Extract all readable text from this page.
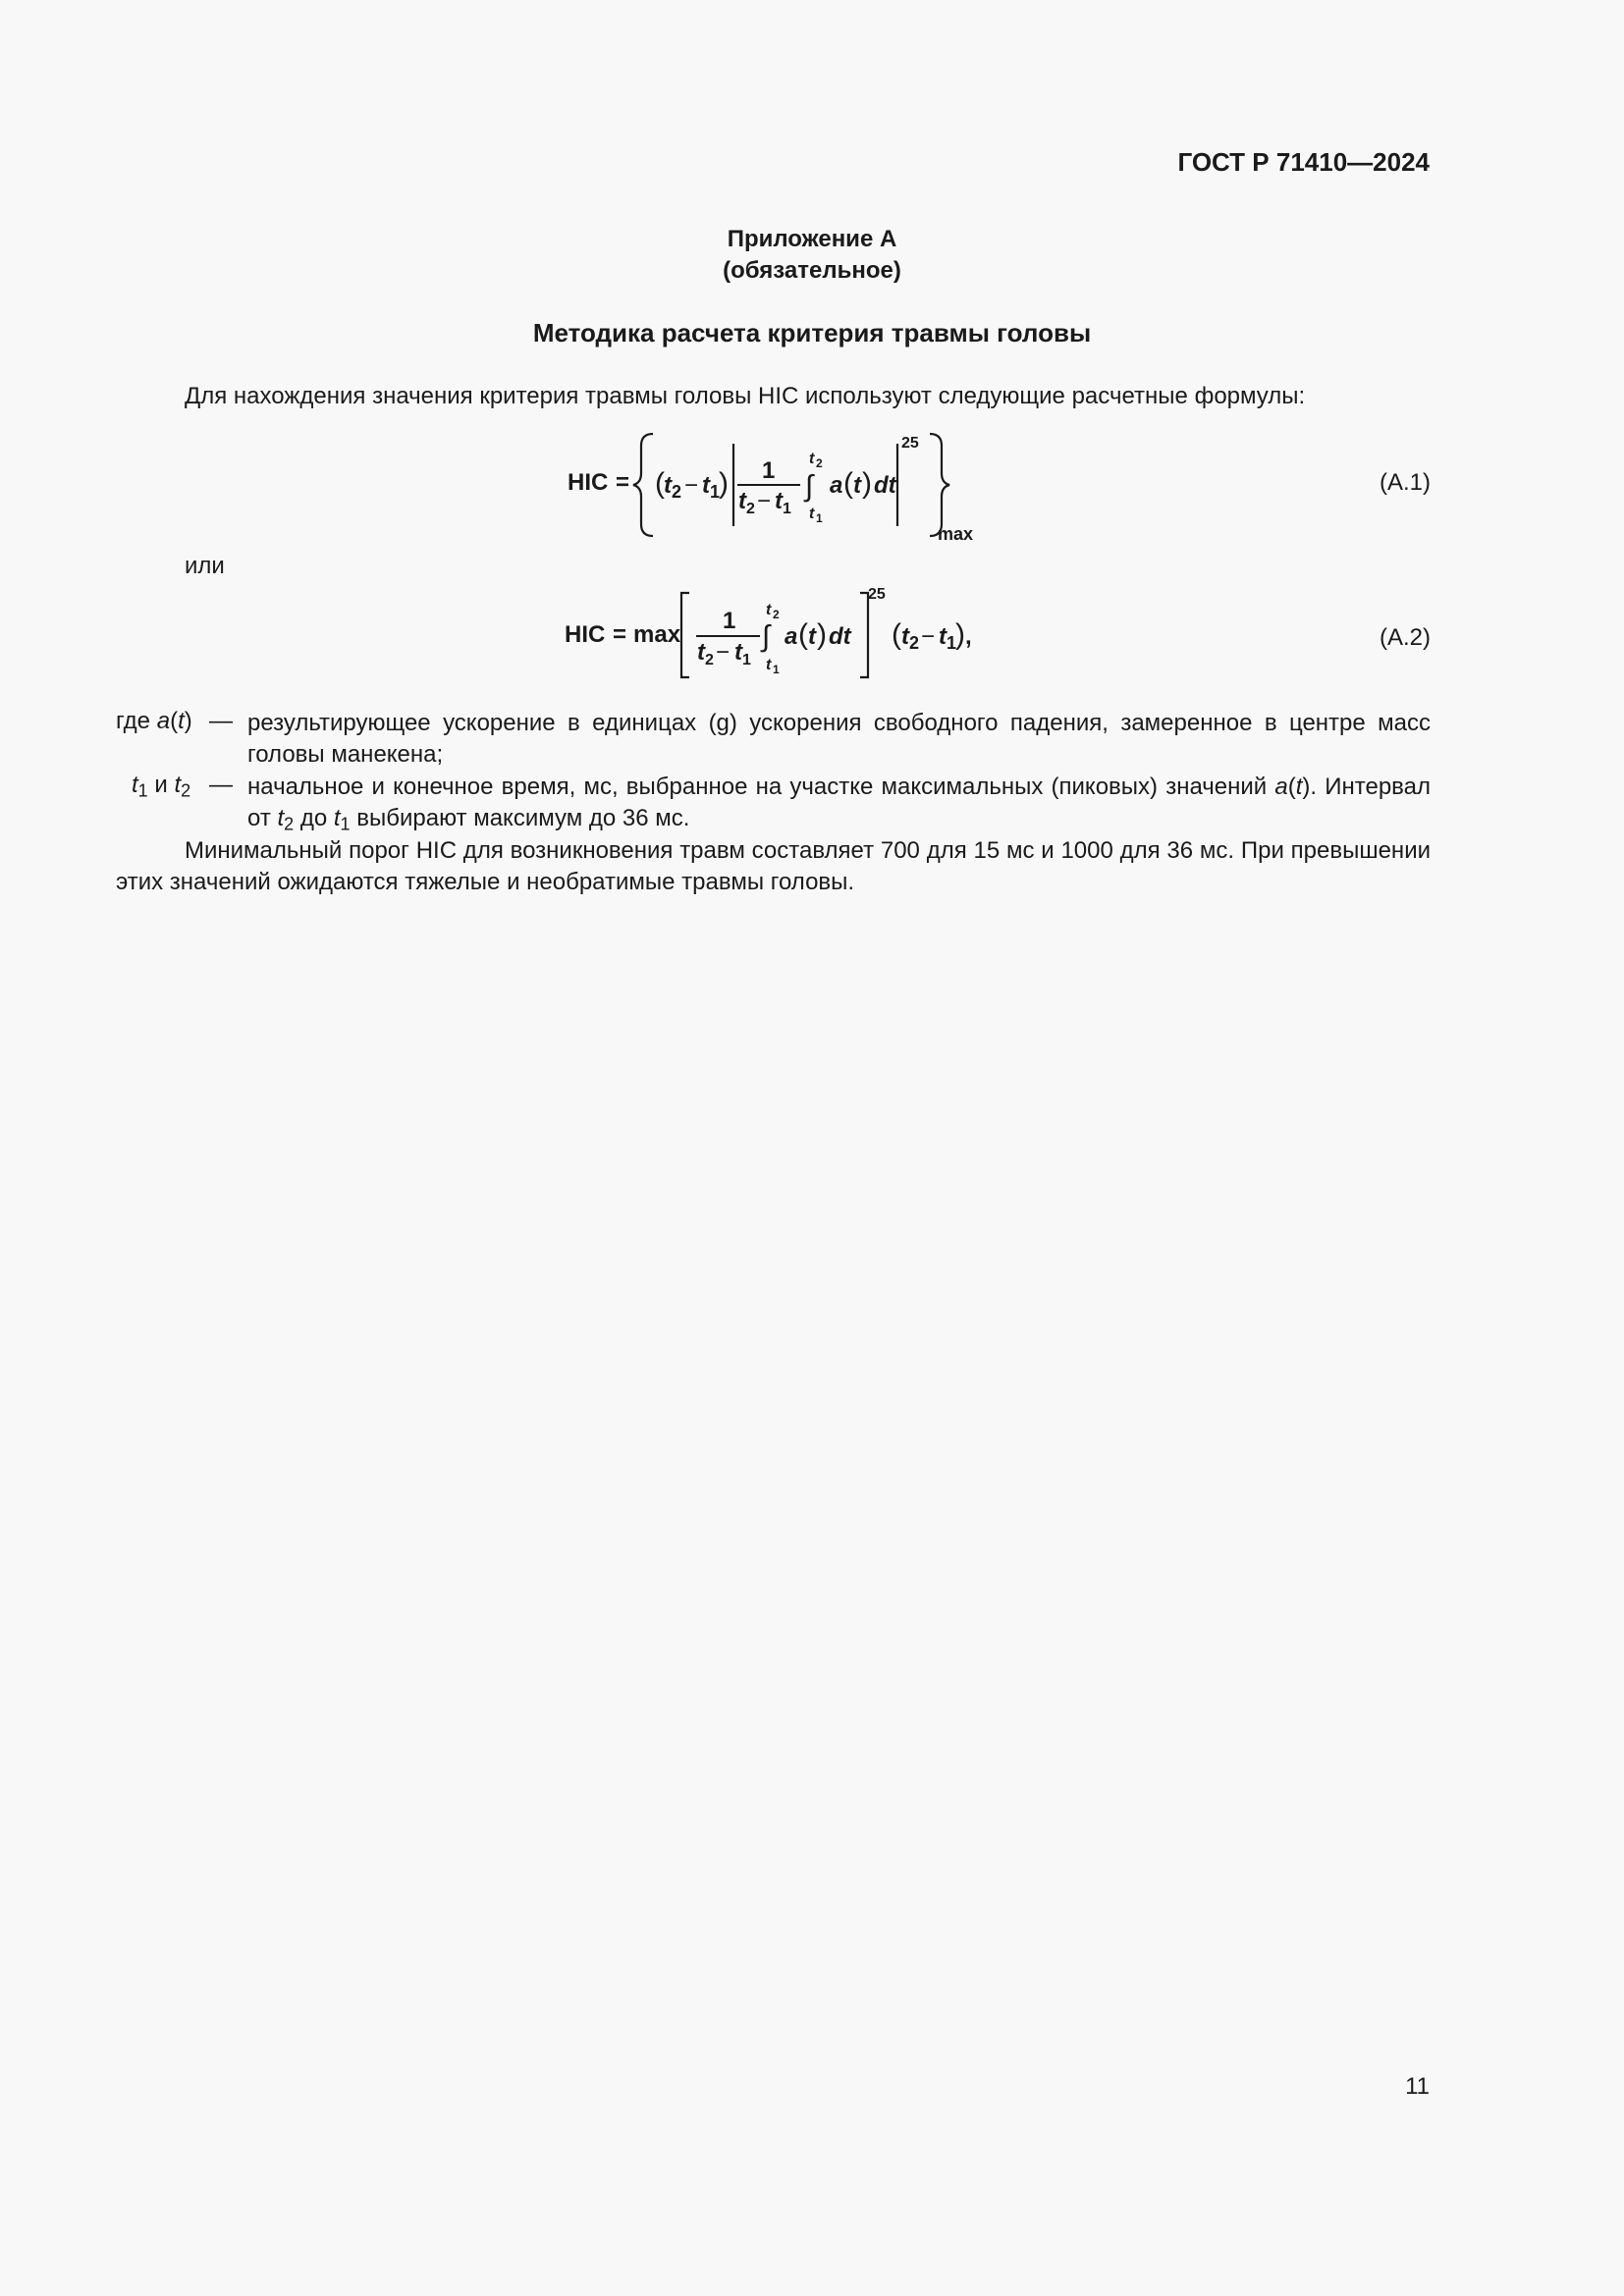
ГОСТ Р 71410—2024
Приложение А
(обязательное)
Методика расчета критерия травмы головы
Для нахождения значения критерия травмы головы HIC используют следующие расчетные формулы:
HIC = ( t 2 − t 1
) 1
t 2 − t 1
t 2
∫
t 1
a ( t ) dt
25
max
(А.1)
или
HIC = max
1
t 2 − t 1
t 2
∫
t 1
a ( t ) dt
25
( t 2 − t 1
) ,	(А.2)
где a(t) — результирующее ускорение в единицах (g) ускорения свободного падения, замеренное в центре масс головы манекена;
$t_1$ и $t_2$ — начальное и конечное время, мс, выбранное на участке максимальных (пиковых) значений a(t). Интервал от $t_2$ до $t_1$ выбирают максимум до 36 мс.
Минимальный порог HIC для возникновения травм составляет 700 для 15 мс и 1000 для 36 мс. При превышении этих значений ожидаются тяжелые и необратимые травмы головы.
11
